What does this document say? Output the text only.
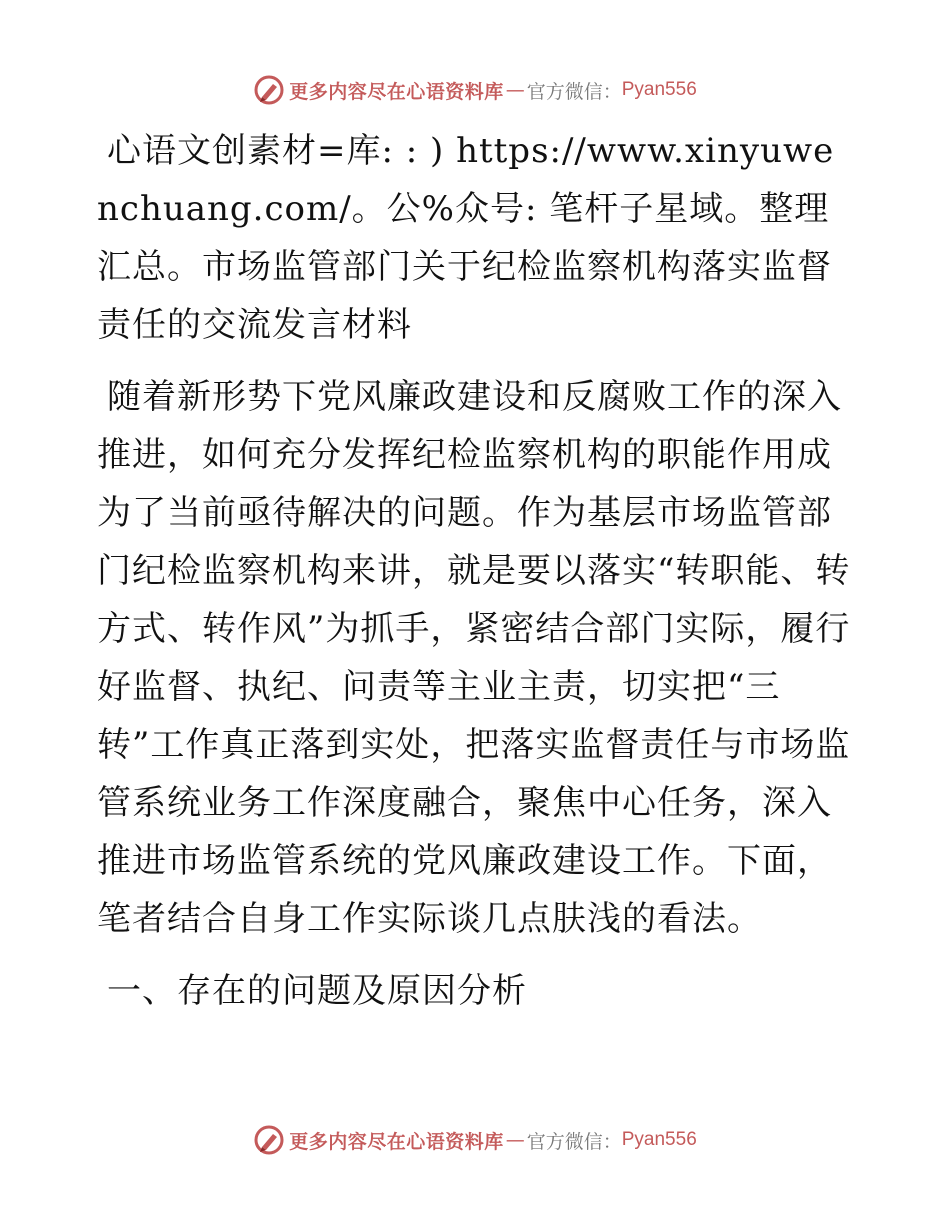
更多内容尽在心语资料库 — 官方微信： Pyan556

心语文创素材=库: : ) https://www.xinyuwenchuang.com/。公%众号: 笔杆子星域。整理汇总。市场监管部门关于纪检监察机构落实监督责任的交流发言材料

随着新形势下党风廉政建设和反腐败工作的深入推进，如何充分发挥纪检监察机构的职能作用成为了当前亟待解决的问题。作为基层市场监管部门纪检监察机构来讲，就是要以落实“转职能、转方式、转作风”为抓手，紧密结合部门实际，履行好监督、执纪、问责等主业主责，切实把“三转”工作真正落到实处，把落实监督责任与市场监管系统业务工作深度融合，聚焦中心任务，深入推进市场监管系统的党风廉政建设工作。下面，笔者结合自身工作实际谈几点肤浅的看法。

一、存在的问题及原因分析

更多内容尽在心语资料库 — 官方微信： Pyan556
